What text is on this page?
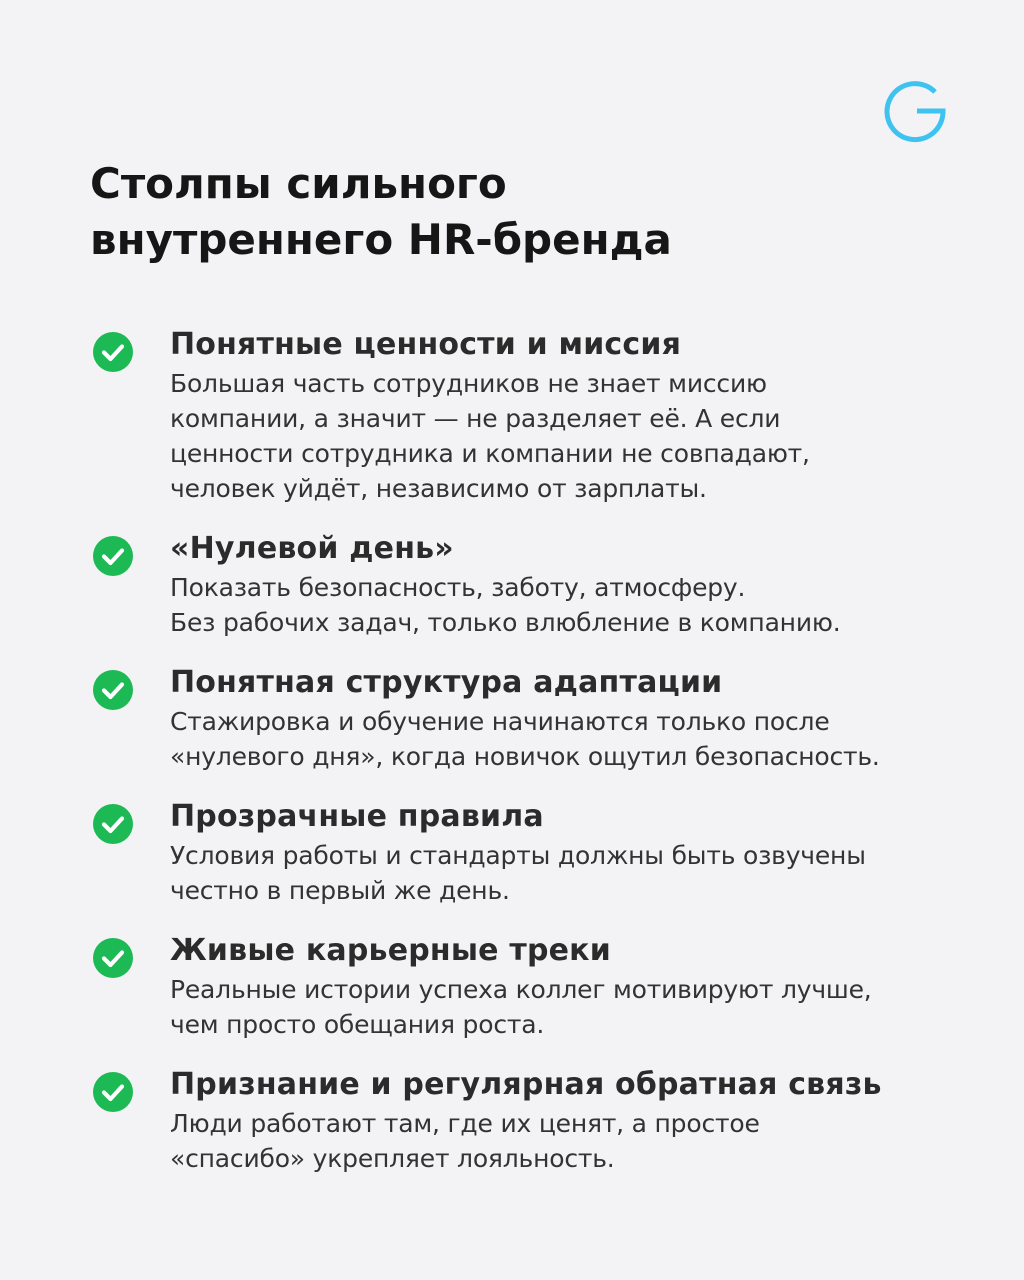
Столпы сильного
внутреннего HR-бренда
Понятные ценности и миссия
Большая часть сотрудников не знает миссию
компании, а значит — не разделяет её. А если
ценности сотрудника и компании не совпадают,
человек уйдёт, независимо от зарплаты.
«Нулевой день»
Показать безопасность, заботу, атмосферу.
Без рабочих задач, только влюбление в компанию.
Понятная структура адаптации
Стажировка и обучение начинаются только после
«нулевого дня», когда новичок ощутил безопасность.
Прозрачные правила
Условия работы и стандарты должны быть озвучены
честно в первый же день.
Живые карьерные треки
Реальные истории успеха коллег мотивируют лучше,
чем просто обещания роста.
Признание и регулярная обратная связь
Люди работают там, где их ценят, а простое
«спасибо» укрепляет лояльность.
